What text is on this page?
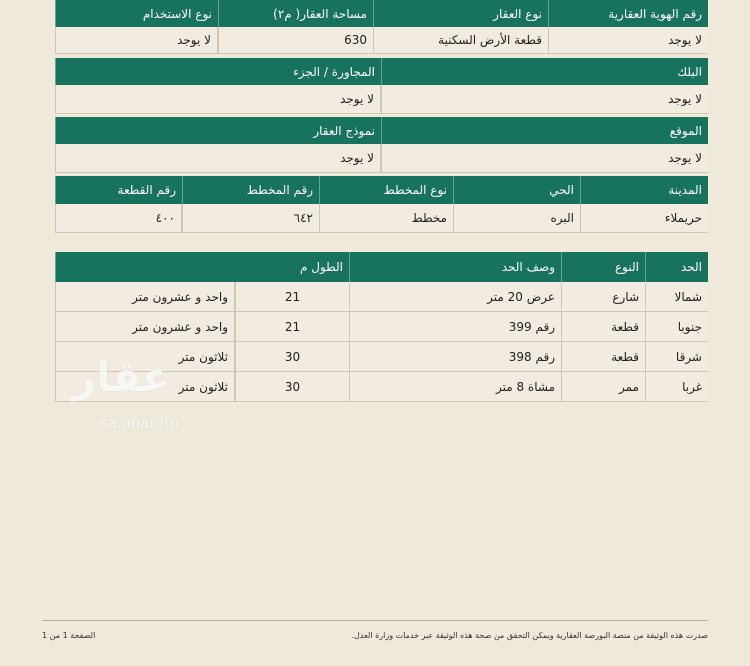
نوع الاستخدام	مساحة العقار( م٢)	نوع العقار	رقم الهوية العقارية
لا يوجد	630	قطعة الأرض السكنية	لا يوجد
المجاورة / الجزء	البلك
لا يوجد	لا يوجد
نموذج العقار	الموقع
لا يوجد	لا يوجد
رقم القطعة	رقم المخطط	نوع المخطط	الحي	المدينة
٤٠٠	٦٤٢	مخطط	البره	حريملاء
الطول م	وصف الحد	النوع	الحد
واحد و عشرون متر	21	عرض 20 متر	شارع	شمالا
واحد و عشرون متر	21	رقم 399	قطعة	جنوبا
ثلاثون متر	30	رقم 398	قطعة	شرقا
ثلاثون متر	30	مشاة 8 متر	ممر	غربا
عقار
sa.aqar.fm
صدرت هذه الوثيقة من منصة البورصة العقارية ويمكن التحقق من صحة هذه الوثيقة عبر خدمات وزارة العدل.
الصفحة 1 من 1
